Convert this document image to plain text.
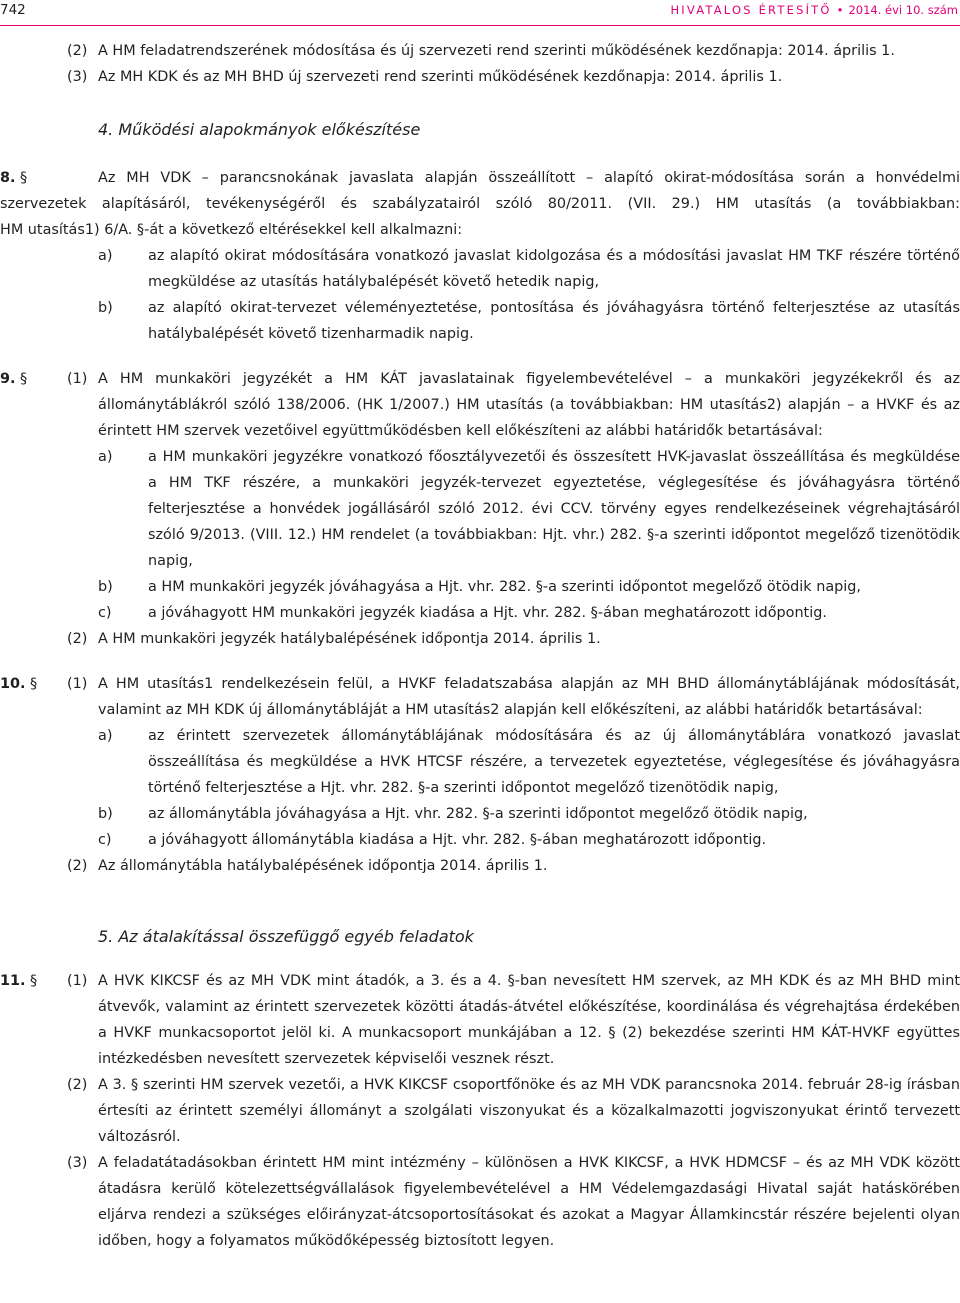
742	HIVATALOS ÉRTESÍTŐ • 2014. évi 10. szám
(2) A HM feladatrendszerének módosítása és új szervezeti rend szerinti működésének kezdőnapja: 2014. április 1.
(3) Az MH KDK és az MH BHD új szervezeti rend szerinti működésének kezdőnapja: 2014. április 1.
4. Működési alapokmányok előkészítése
8. §	Az MH VDK – parancsnokának javaslata alapján összeállított – alapító okirat-módosítása során a honvédelmi
szervezetek alapításáról, tevékenységéről és szabályzatairól szóló 80/2011. (VII. 29.) HM utasítás (a továbbiakban:
HM utasítás1) 6/A. §-át a következő eltérésekkel kell alkalmazni:
a) az alapító okirat módosítására vonatkozó javaslat kidolgozása és a módosítási javaslat HM TKF részére történő
megküldése az utasítás hatálybalépését követő hetedik napig,
b) az alapító okirat-tervezet véleményeztetése, pontosítása és jóváhagyásra történő felterjesztése az utasítás
hatálybalépését követő tizenharmadik napig.
9. §	(1) A HM munkaköri jegyzékét a HM KÁT javaslatainak figyelembevételével – a munkaköri jegyzékekről és az
állománytáblákról szóló 138/2006. (HK 1/2007.) HM utasítás (a továbbiakban: HM utasítás2) alapján – a HVKF és az
érintett HM szervek vezetőivel együttműködésben kell előkészíteni az alábbi határidők betartásával:
a) a HM munkaköri jegyzékre vonatkozó főosztályvezetői és összesített HVK-javaslat összeállítása és megküldése
a HM TKF részére, a munkaköri jegyzék-tervezet egyeztetése, véglegesítése és jóváhagyásra történő
felterjesztése a honvédek jogállásáról szóló 2012. évi CCV. törvény egyes rendelkezéseinek végrehajtásáról
szóló 9/2013. (VIII. 12.) HM rendelet (a továbbiakban: Hjt. vhr.) 282. §-a szerinti időpontot megelőző tizenötödik
napig,
b) a HM munkaköri jegyzék jóváhagyása a Hjt. vhr. 282. §-a szerinti időpontot megelőző ötödik napig,
c)	a jóváhagyott HM munkaköri jegyzék kiadása a Hjt. vhr. 282. §-ában meghatározott időpontig.
(2) A HM munkaköri jegyzék hatálybalépésének időpontja 2014. április 1.
10. § (1) A HM utasítás1 rendelkezésein felül, a HVKF feladatszabása alapján az MH BHD állománytáblájának módosítását,
valamint az MH KDK új állománytábláját a HM utasítás2 alapján kell előkészíteni, az alábbi határidők betartásával:
a) az érintett szervezetek állománytáblájának módosítására és az új állománytáblára vonatkozó javaslat
összeállítása és megküldése a HVK HTCSF részére, a tervezetek egyeztetése, véglegesítése és jóváhagyásra
történő felterjesztése a Hjt. vhr. 282. §-a szerinti időpontot megelőző tizenötödik napig,
b) az állománytábla jóváhagyása a Hjt. vhr. 282. §-a szerinti időpontot megelőző ötödik napig,
c)	a jóváhagyott állománytábla kiadása a Hjt. vhr. 282. §-ában meghatározott időpontig.
(2) Az állománytábla hatálybalépésének időpontja 2014. április 1.
5. Az átalakítással összefüggő egyéb feladatok
11. § (1) A HVK KIKCSF és az MH VDK mint átadók, a 3. és a 4. §-ban nevesített HM szervek, az MH KDK és az MH BHD mint
átvevők, valamint az érintett szervezetek közötti átadás-átvétel előkészítése, koordinálása és végrehajtása érdekében
a HVKF munkacsoportot jelöl ki. A munkacsoport munkájában a 12. § (2) bekezdése szerinti HM KÁT-HVKF együttes
intézkedésben nevesített szervezetek képviselői vesznek részt.
(2) A 3. § szerinti HM szervek vezetői, a HVK KIKCSF csoportfőnöke és az MH VDK parancsnoka 2014. február 28-ig írásban
értesíti az érintett személyi állományt a szolgálati viszonyukat és a közalkalmazotti jogviszonyukat érintő tervezett
változásról.
(3) A feladatátadásokban érintett HM mint intézmény – különösen a HVK KIKCSF, a HVK HDMCSF – és az MH VDK között
átadásra kerülő kötelezettségvállalások figyelembevételével a HM Védelemgazdasági Hivatal saját hatáskörében
eljárva rendezi a szükséges előirányzat-átcsoportosításokat és azokat a Magyar Államkincstár részére bejelenti olyan
időben, hogy a folyamatos működőképesség biztosított legyen.
